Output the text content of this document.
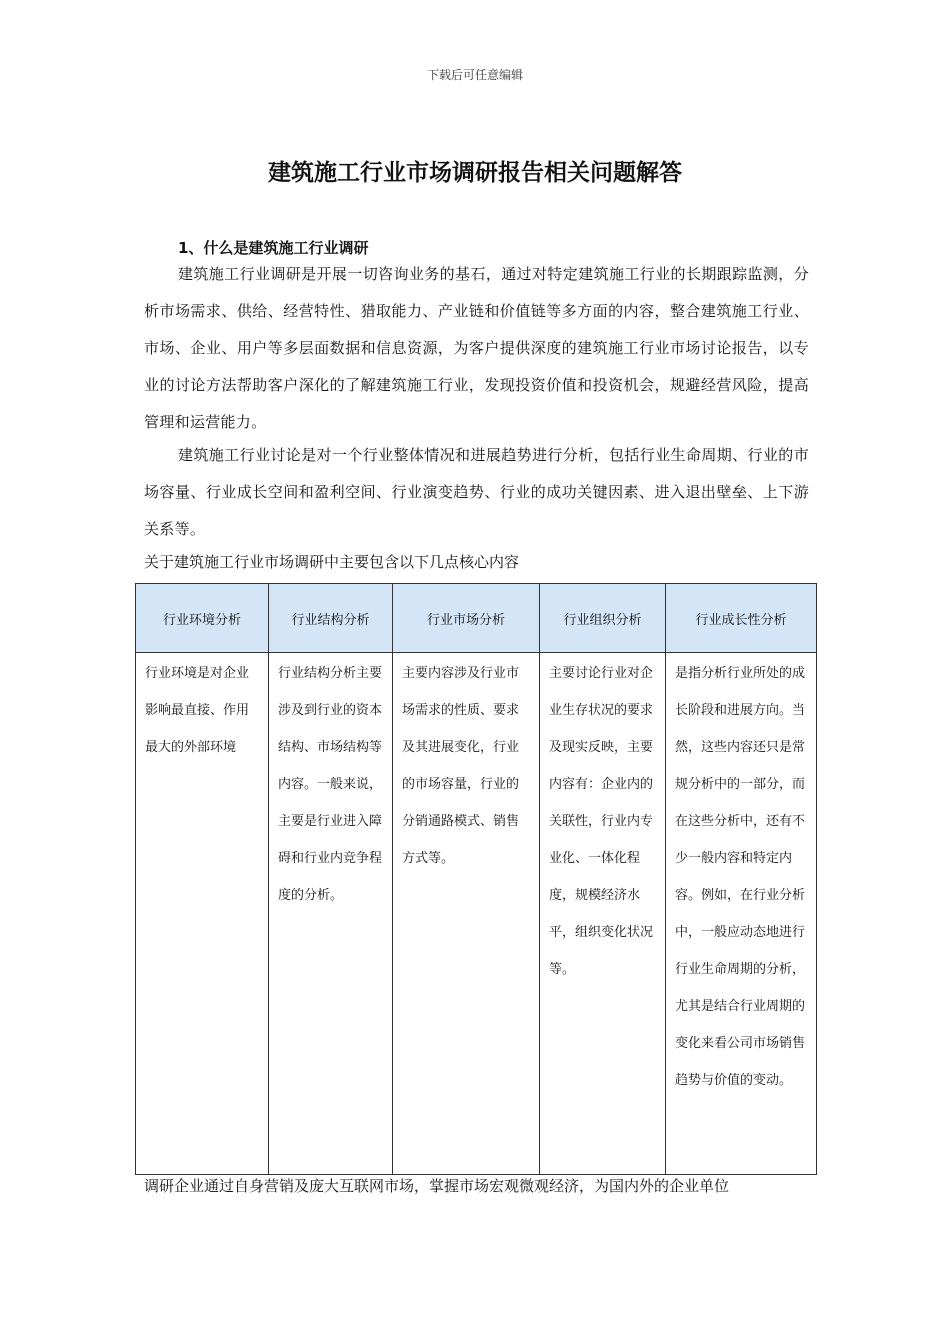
下载后可任意编辑
建筑施工行业市场调研报告相关问题解答
1、什么是建筑施工行业调研

建筑施工行业调研是开展一切咨询业务的基石，通过对特定建筑施工行业的长期跟踪监测，分析市场需求、供给、经营特性、猎取能力、产业链和价值链等多方面的内容，整合建筑施工行业、市场、企业、用户等多层面数据和信息资源，为客户提供深度的建筑施工行业市场讨论报告，以专业的讨论方法帮助客户深化的了解建筑施工行业，发现投资价值和投资机会，规避经营风险，提高管理和运营能力。

建筑施工行业讨论是对一个行业整体情况和进展趋势进行分析，包括行业生命周期、行业的市场容量、行业成长空间和盈利空间、行业演变趋势、行业的成功关键因素、进入退出壁垒、上下游关系等。

关于建筑施工行业市场调研中主要包含以下几点核心内容
行业环境分析	行业结构分析	行业市场分析	行业组织分析	行业成长性分析
行业环境是对企业影响最直接、作用最大的外部环境	行业结构分析主要涉及到行业的资本结构、市场结构等内容。一般来说，主要是行业进入障碍和行业内竞争程度的分析。	主要内容涉及行业市场需求的性质、要求及其进展变化，行业的市场容量，行业的分销通路模式、销售方式等。	主要讨论行业对企业生存状况的要求及现实反映，主要内容有：企业内的关联性，行业内专业化、一体化程度，规模经济水平，组织变化状况等。	是指分析行业所处的成长阶段和进展方向。当然，这些内容还只是常规分析中的一部分，而在这些分析中，还有不少一般内容和特定内容。例如，在行业分析中，一般应动态地进行行业生命周期的分析，尤其是结合行业周期的变化来看公司市场销售趋势与价值的变动。
调研企业通过自身营销及庞大互联网市场，掌握市场宏观微观经济，为国内外的企业单位
